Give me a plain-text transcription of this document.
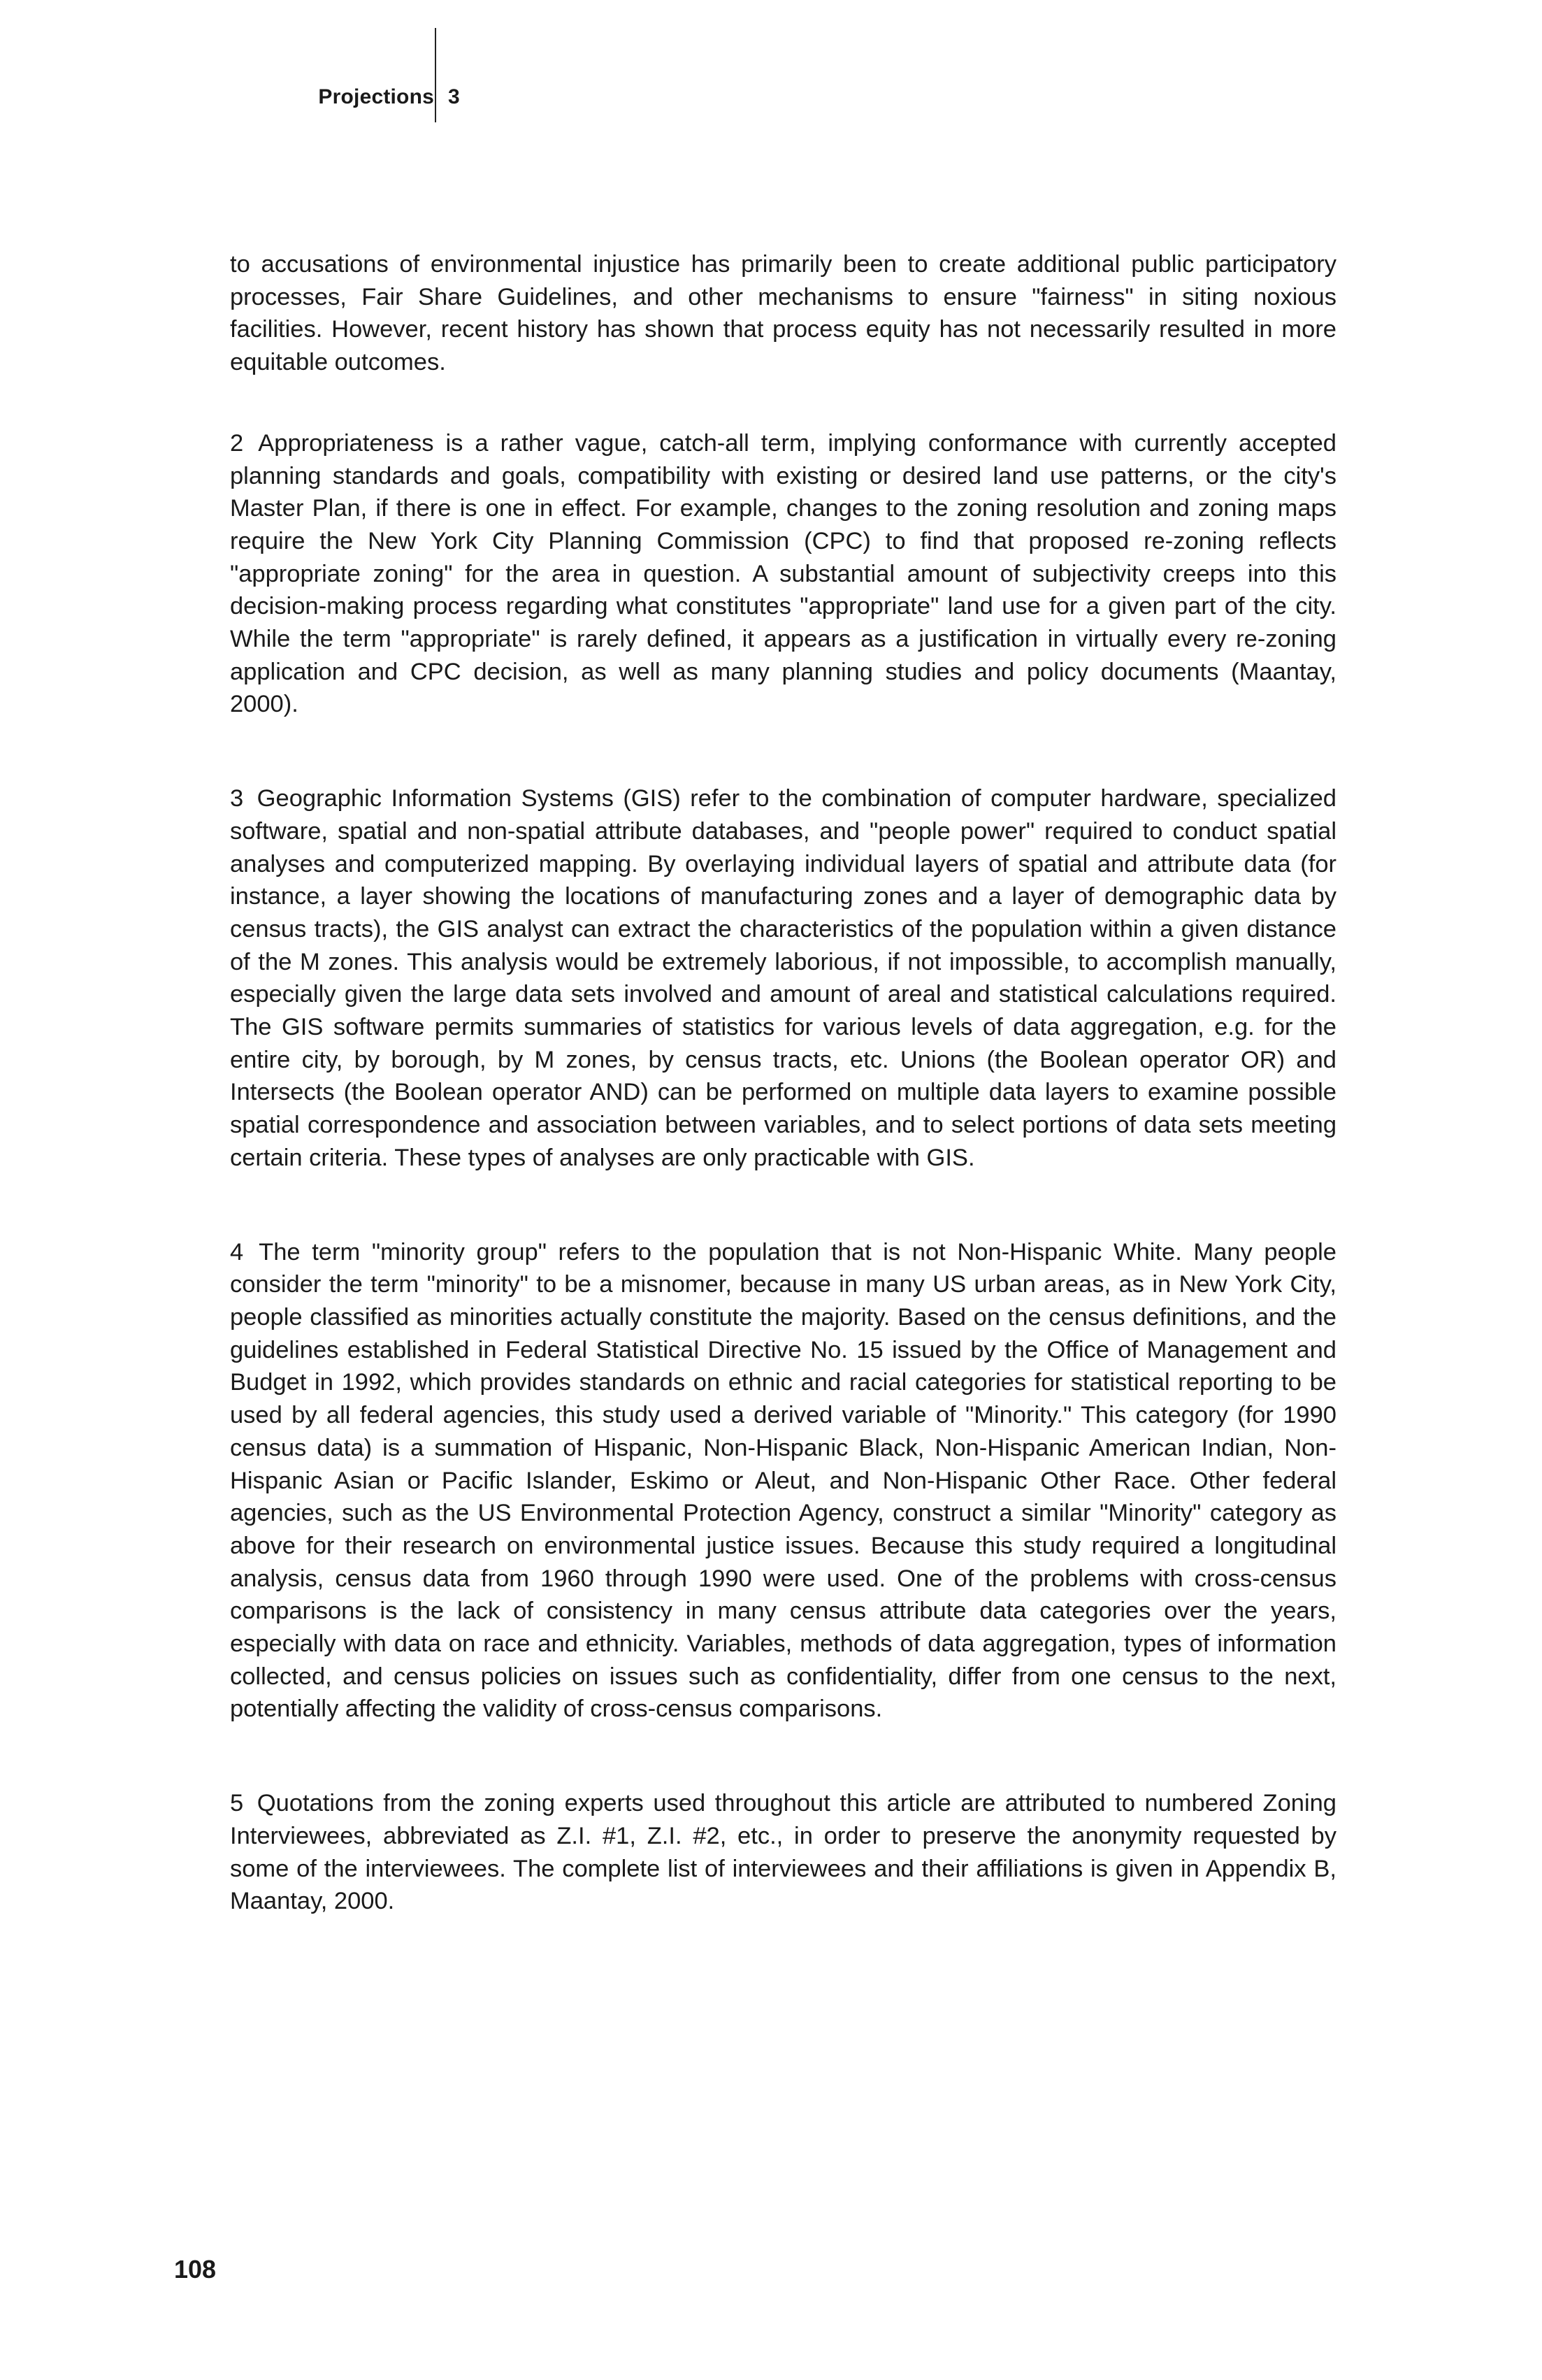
Projections 3

to accusations of environmental injustice has primarily been to create additional public participatory processes, Fair Share Guidelines, and other mechanisms to ensure "fairness" in siting noxious facilities. However, recent history has shown that process equity has not necessarily resulted in more equitable outcomes.

2 Appropriateness is a rather vague, catch-all term, implying conformance with currently accepted planning standards and goals, compatibility with existing or desired land use patterns, or the city's Master Plan, if there is one in effect. For example, changes to the zoning resolution and zoning maps require the New York City Planning Commission (CPC) to find that proposed re-zoning reflects "appropriate zoning" for the area in question. A substantial amount of subjectivity creeps into this decision-making process regarding what constitutes "appropriate" land use for a given part of the city. While the term "appropriate" is rarely defined, it appears as a justification in virtually every re-zoning application and CPC decision, as well as many planning studies and policy documents (Maantay, 2000).

3 Geographic Information Systems (GIS) refer to the combination of computer hardware, specialized software, spatial and non-spatial attribute databases, and "people power" required to conduct spatial analyses and computerized mapping. By overlaying individual layers of spatial and attribute data (for instance, a layer showing the locations of manufacturing zones and a layer of demographic data by census tracts), the GIS analyst can extract the characteristics of the population within a given distance of the M zones. This analysis would be extremely laborious, if not impossible, to accomplish manually, especially given the large data sets involved and amount of areal and statistical calculations required. The GIS software permits summaries of statistics for various levels of data aggregation, e.g. for the entire city, by borough, by M zones, by census tracts, etc. Unions (the Boolean operator OR) and Intersects (the Boolean operator AND) can be performed on multiple data layers to examine possible spatial correspondence and association between variables, and to select portions of data sets meeting certain criteria. These types of analyses are only practicable with GIS.

4 The term "minority group" refers to the population that is not Non-Hispanic White. Many people consider the term "minority" to be a misnomer, because in many US urban areas, as in New York City, people classified as minorities actually constitute the majority. Based on the census definitions, and the guidelines established in Federal Statistical Directive No. 15 issued by the Office of Management and Budget in 1992, which provides standards on ethnic and racial categories for statistical reporting to be used by all federal agencies, this study used a derived variable of "Minority." This category (for 1990 census data) is a summation of Hispanic, Non-Hispanic Black, Non-Hispanic American Indian, Non-Hispanic Asian or Pacific Islander, Eskimo or Aleut, and Non-Hispanic Other Race. Other federal agencies, such as the US Environmental Protection Agency, construct a similar "Minority" category as above for their research on environmental justice issues. Because this study required a longitudinal analysis, census data from 1960 through 1990 were used. One of the problems with cross-census comparisons is the lack of consistency in many census attribute data categories over the years, especially with data on race and ethnicity. Variables, methods of data aggregation, types of information collected, and census policies on issues such as confidentiality, differ from one census to the next, potentially affecting the validity of cross-census comparisons.

5 Quotations from the zoning experts used throughout this article are attributed to numbered Zoning Interviewees, abbreviated as Z.I. #1, Z.I. #2, etc., in order to preserve the anonymity requested by some of the interviewees. The complete list of interviewees and their affiliations is given in Appendix B, Maantay, 2000.

108
